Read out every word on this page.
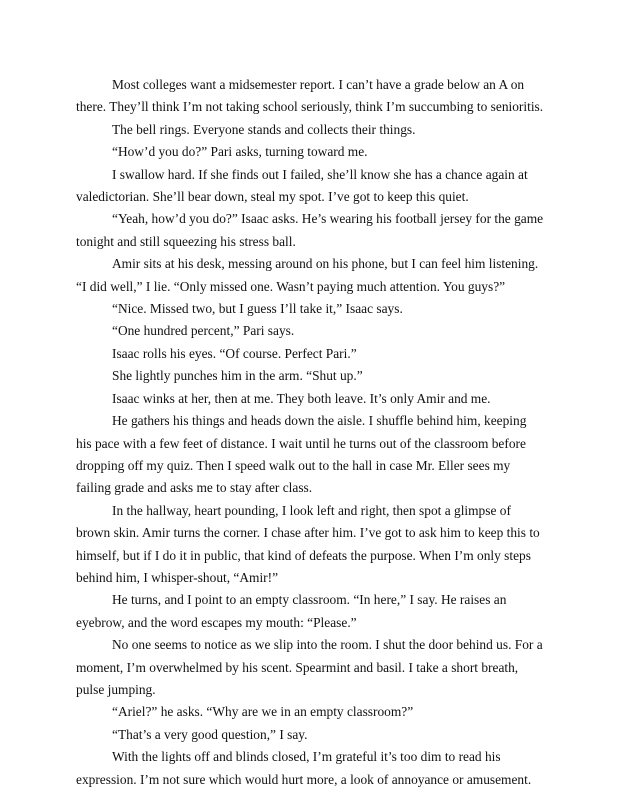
Most colleges want a midsemester report. I can’t have a grade below an A on there. They’ll think I’m not taking school seriously, think I’m succumbing to senioritis.

The bell rings. Everyone stands and collects their things.

“How’d you do?” Pari asks, turning toward me.

I swallow hard. If she finds out I failed, she’ll know she has a chance again at valedictorian. She’ll bear down, steal my spot. I’ve got to keep this quiet.

“Yeah, how’d you do?” Isaac asks. He’s wearing his football jersey for the game tonight and still squeezing his stress ball.

Amir sits at his desk, messing around on his phone, but I can feel him listening. “I did well,” I lie. “Only missed one. Wasn’t paying much attention. You guys?”

“Nice. Missed two, but I guess I’ll take it,” Isaac says.

“One hundred percent,” Pari says.

Isaac rolls his eyes. “Of course. Perfect Pari.”

She lightly punches him in the arm. “Shut up.”

Isaac winks at her, then at me. They both leave. It’s only Amir and me.

He gathers his things and heads down the aisle. I shuffle behind him, keeping his pace with a few feet of distance. I wait until he turns out of the classroom before dropping off my quiz. Then I speed walk out to the hall in case Mr. Eller sees my failing grade and asks me to stay after class.

In the hallway, heart pounding, I look left and right, then spot a glimpse of brown skin. Amir turns the corner. I chase after him. I’ve got to ask him to keep this to himself, but if I do it in public, that kind of defeats the purpose. When I’m only steps behind him, I whisper-shout, “Amir!”

He turns, and I point to an empty classroom. “In here,” I say. He raises an eyebrow, and the word escapes my mouth: “Please.”

No one seems to notice as we slip into the room. I shut the door behind us. For a moment, I’m overwhelmed by his scent. Spearmint and basil. I take a short breath, pulse jumping.

“Ariel?” he asks. “Why are we in an empty classroom?”

“That’s a very good question,” I say.

With the lights off and blinds closed, I’m grateful it’s too dim to read his expression. I’m not sure which would hurt more, a look of annoyance or amusement.
